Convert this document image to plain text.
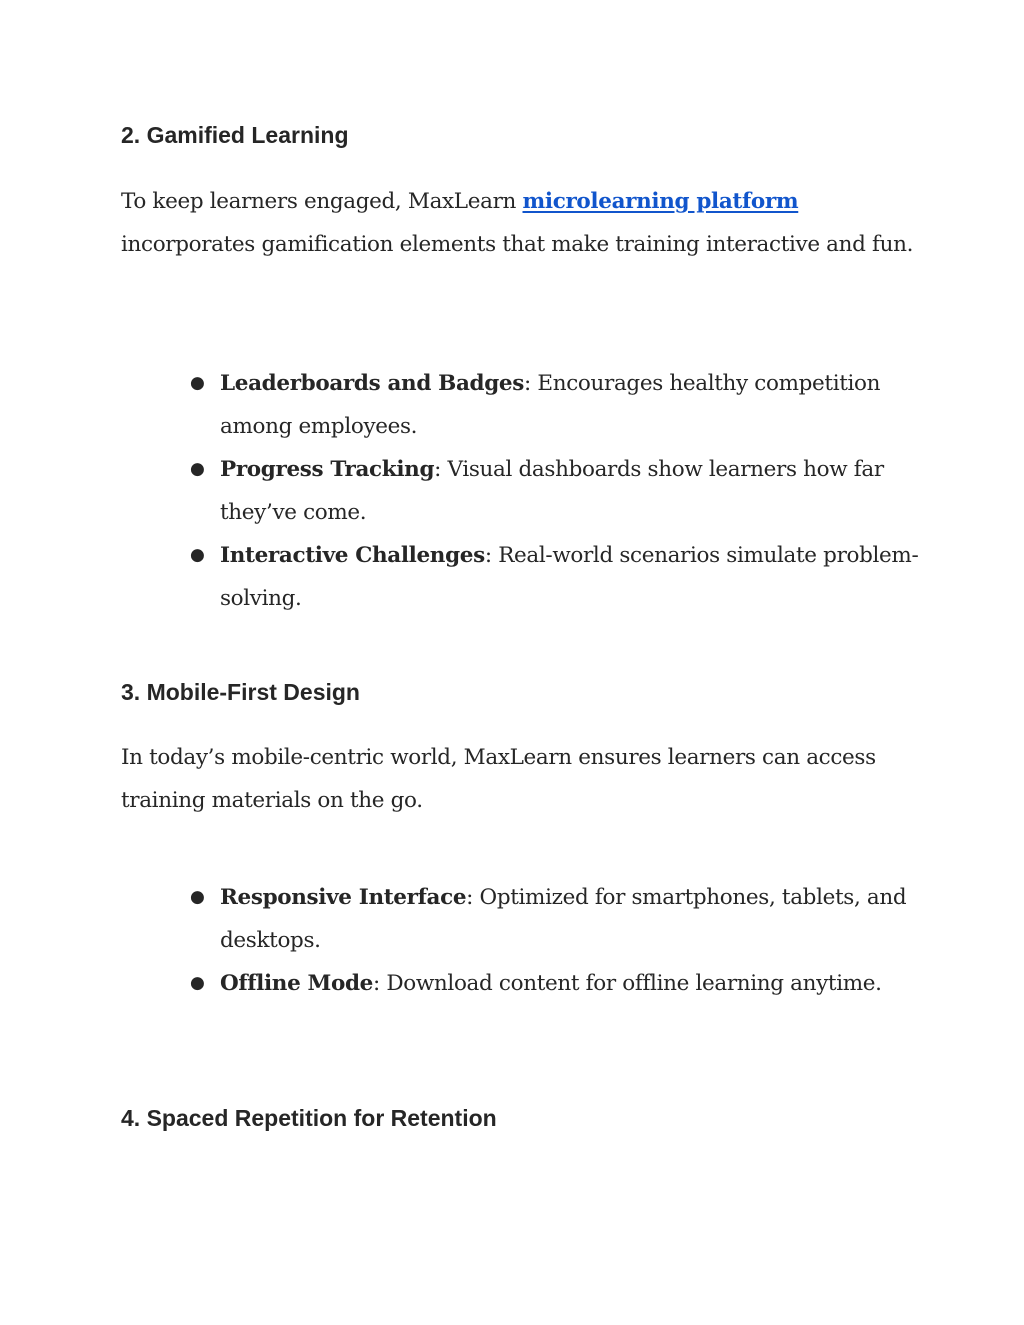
2. Gamified Learning

To keep learners engaged, MaxLearn microlearning platform incorporates gamification elements that make training interactive and fun.

● Leaderboards and Badges: Encourages healthy competition among employees.
● Progress Tracking: Visual dashboards show learners how far they’ve come.
● Interactive Challenges: Real-world scenarios simulate problem-solving.
3. Mobile-First Design

In today’s mobile-centric world, MaxLearn ensures learners can access training materials on the go.

● Responsive Interface: Optimized for smartphones, tablets, and desktops.
● Offline Mode: Download content for offline learning anytime.
4. Spaced Repetition for Retention
